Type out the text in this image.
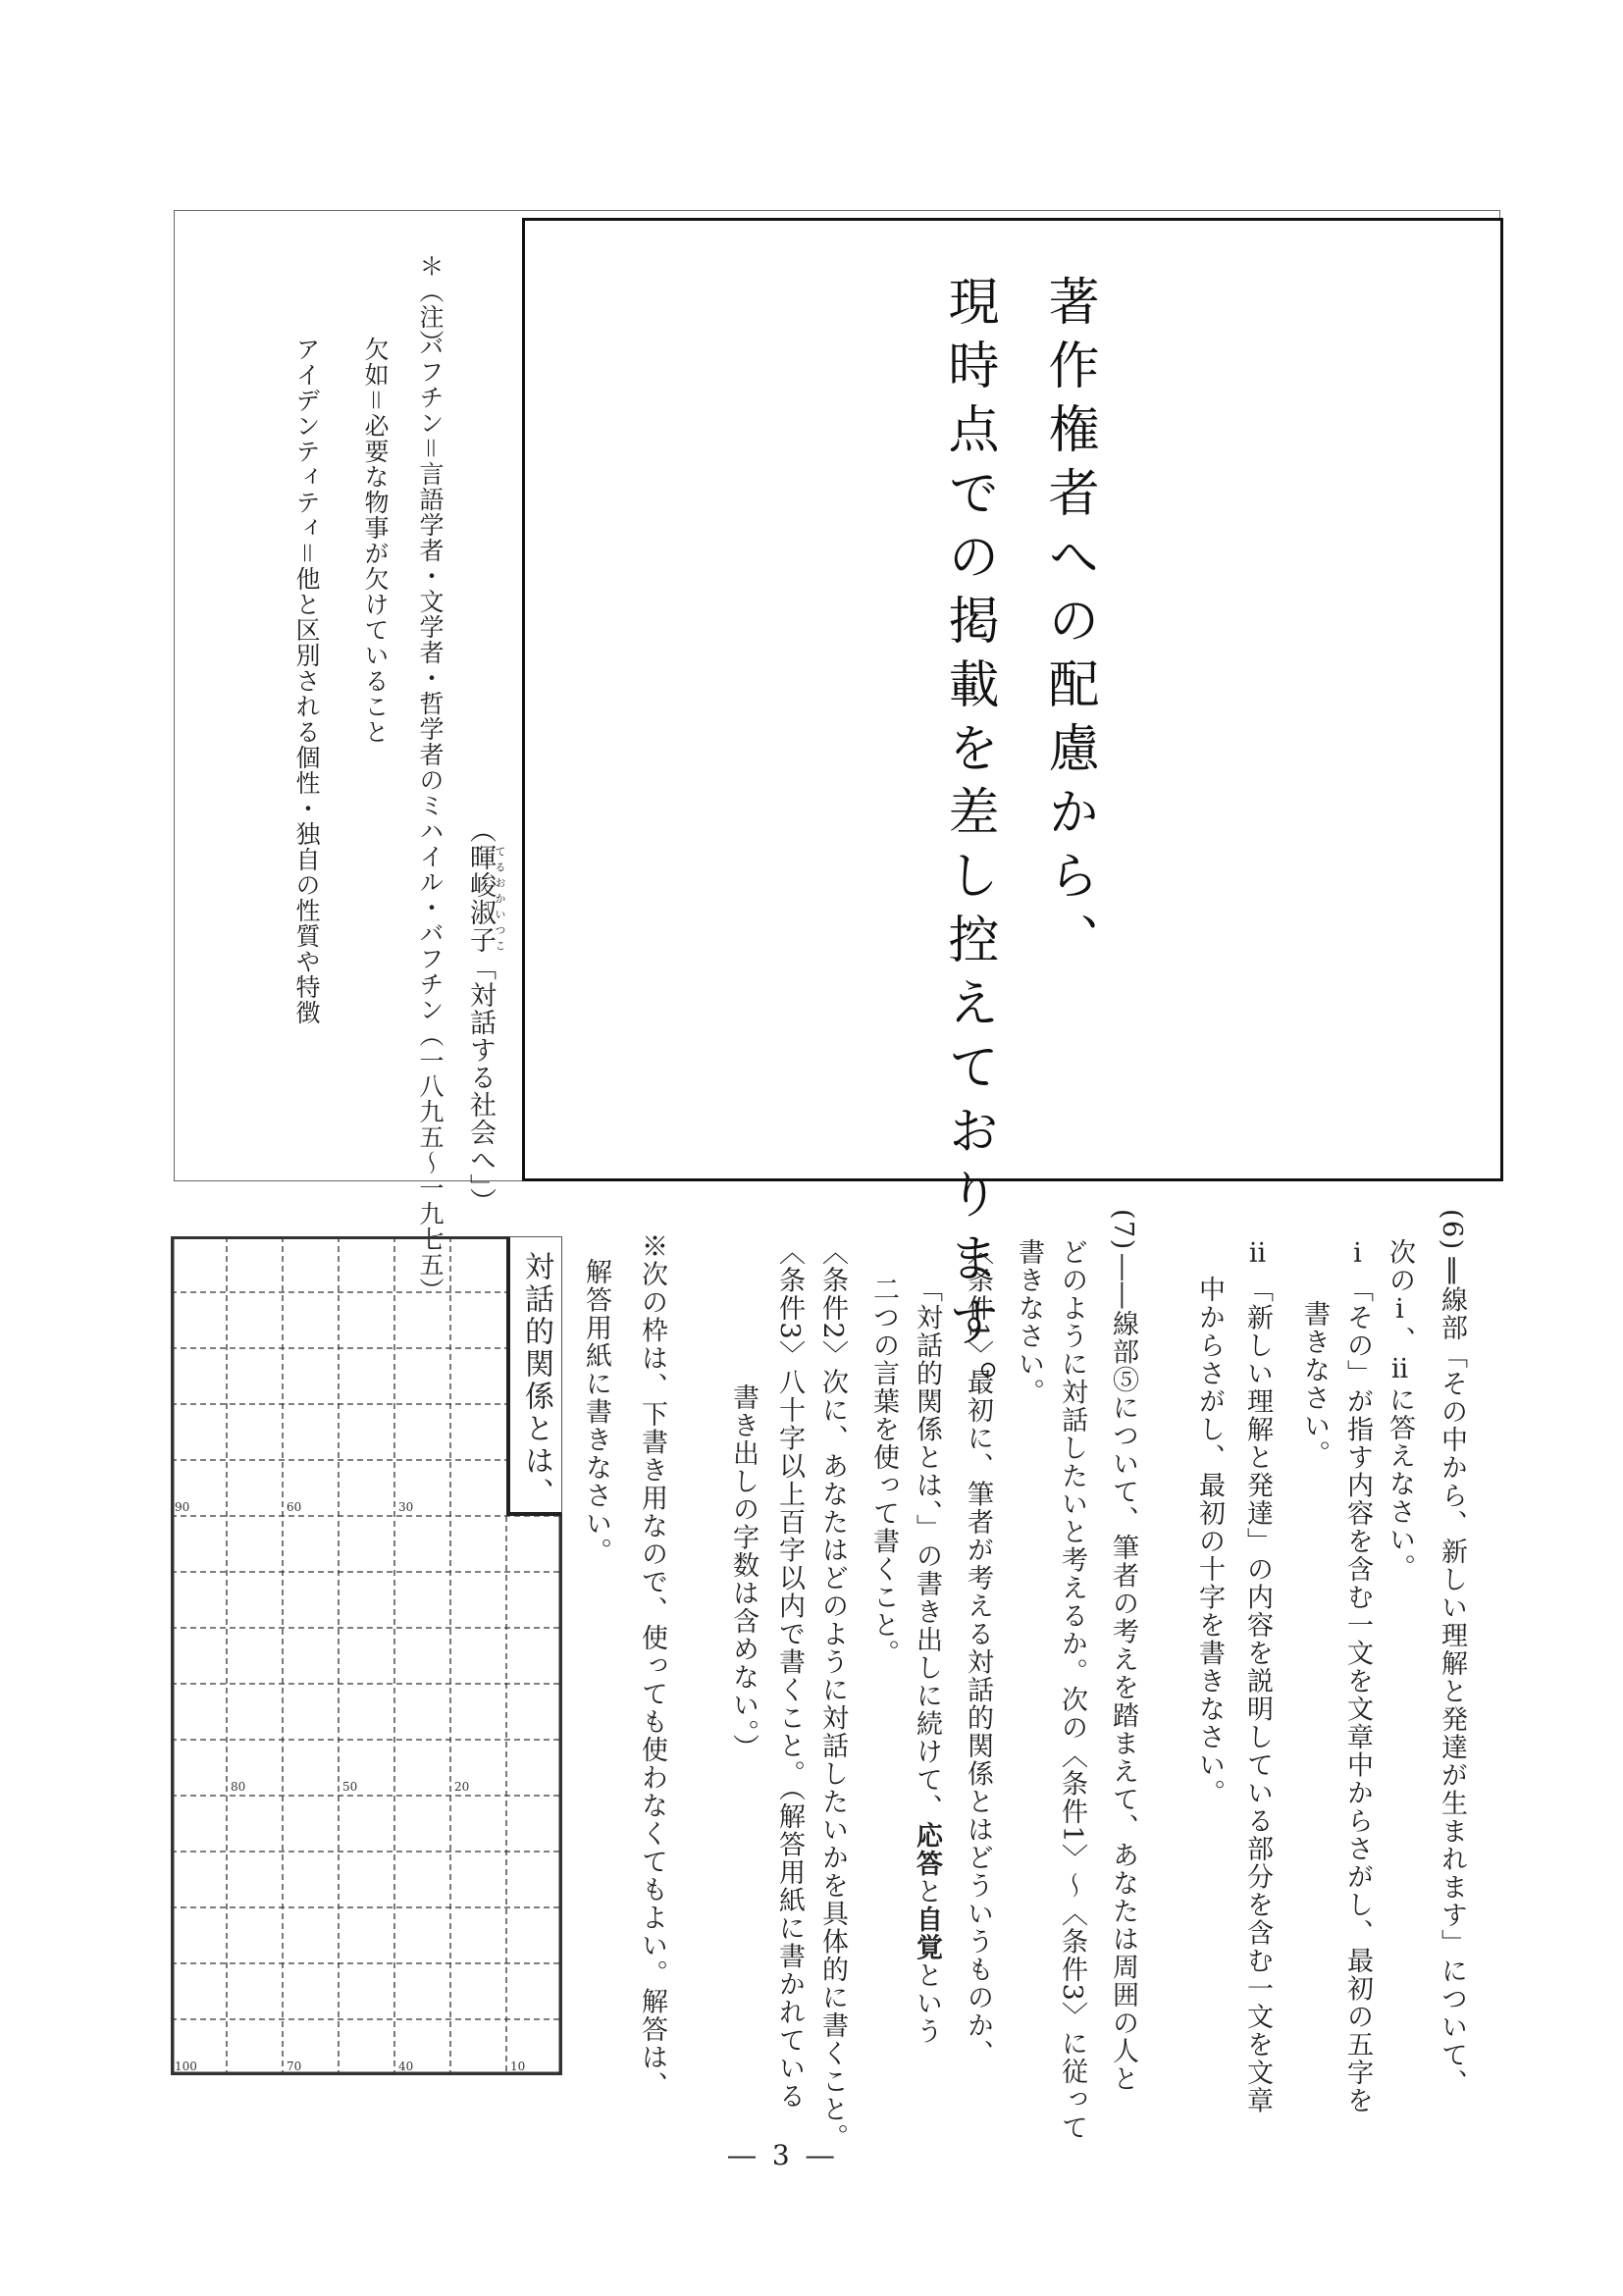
著作権者への配慮から、
現時点での掲載を差し控えております。
（暉峻淑子てるおかいつこ「対話する社会へ」）
＊（注）
バフチン＝言語学者・文学者・哲学者のミハイル・バフチン（一八九五〜一九七五）
欠如＝必要な物事が欠けていること
アイデンティティ＝他と区別される個性・独自の性質や特徴
(6)
‖線部「その中から、新しい理解と発達が生まれます」について、
次のⅰ、ⅱに答えなさい。
ⅰ
「その」が指す内容を含む一文を文章中からさがし、最初の五字を
書きなさい。
ⅱ
「新しい理解と発達」の内容を説明している部分を含む一文を文章
中からさがし、最初の十字を書きなさい。
(7)
――線部⑤について、筆者の考えを踏まえて、あなたは周囲の人と
どのように対話したいと考えるか。次の〈条件1〉〜〈条件3〉に従って
書きなさい。
〈条件1〉最初に、筆者が考える対話的関係とはどういうものか、
「対話的関係とは、」の書き出しに続けて、応答と自覚という
二つの言葉を使って書くこと。
〈条件2〉次に、あなたはどのように対話したいかを具体的に書くこと。
〈条件3〉八十字以上百字以内で書くこと。（解答用紙に書かれている
書き出しの字数は含めない。）
※次の枠は、下書き用なので、使っても使わなくてもよい。解答は、
解答用紙に書きなさい。
対話的関係とは、
10
20
30
40
50
60
70
80
90
100
― 3 ―
